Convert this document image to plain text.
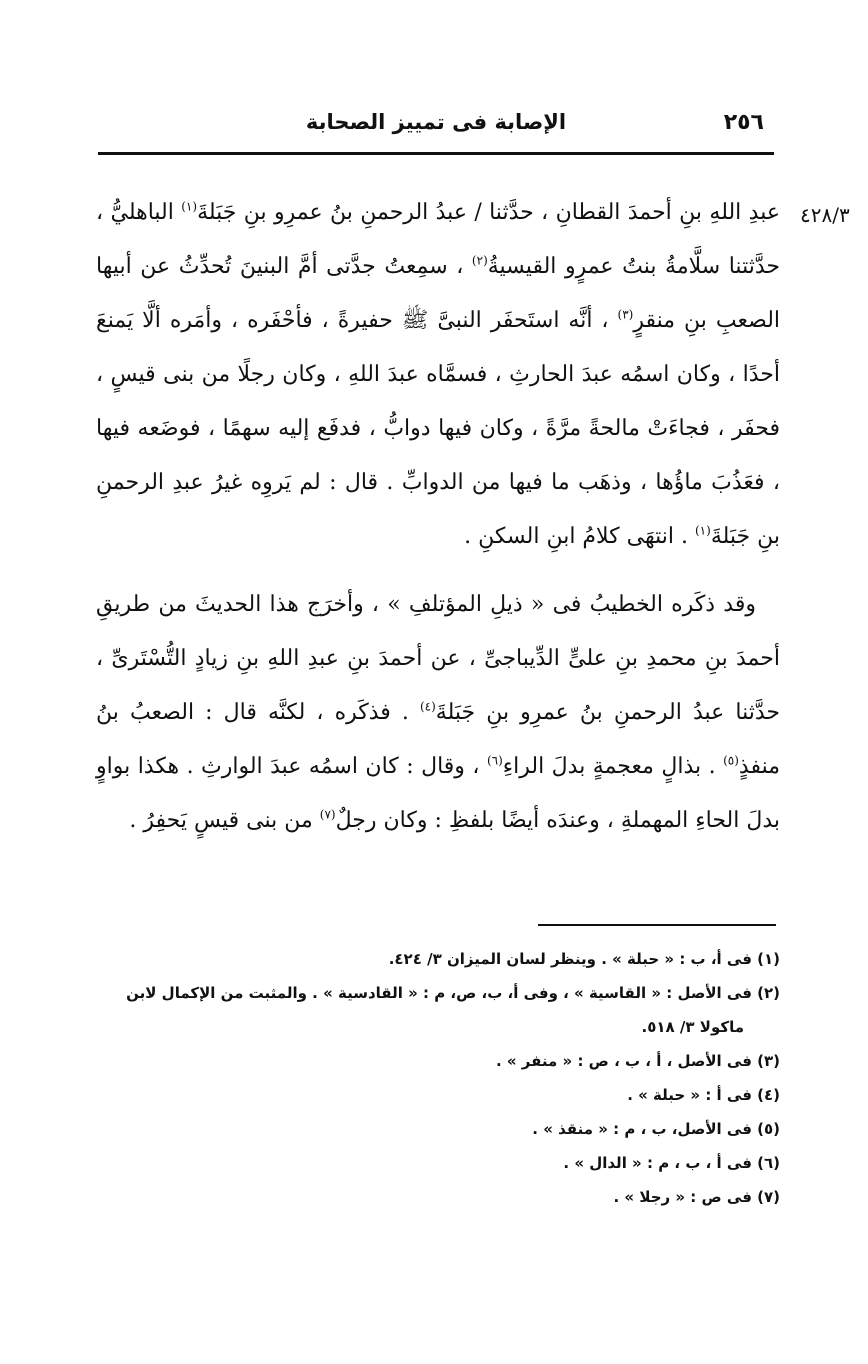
الإصابة فى تمييز الصحابة	٢٥٦
٤٢٨/٣

عبدِ اللهِ بنِ أحمدَ القطانِ ، حدَّثنا / عبدُ الرحمنِ بنُ عمرِو بنِ جَبَلةَ$^{(١)}$ الباهليُّ ، حدَّثتنا سلَّامةُ بنتُ عمرٍو القيسيةُ$^{(٢)}$ ، سمِعتُ جدَّتى أمَّ البنينَ تُحدِّثُ عن أبيها الصعبِ بنِ منقرٍ$^{(٣)}$ ، أنَّه استَحفَر النبىَّ ﷺ حفيرةً ، فأحْفَره ، وأمَره ألَّا يَمنعَ أحدًا ، وكان اسمُه عبدَ الحارثِ ، فسمَّاه عبدَ اللهِ ، وكان رجلًا من بنى قيسٍ ، فحفَر ، فجاءَتْ مالحةً مرَّةً ، وكان فيها دوابُّ ، فدفَع إليه سهمًا ، فوضَعه فيها ، فعَذُبَ ماؤُها ، وذهَب ما فيها من الدوابِّ . قال : لم يَروِه غيرُ عبدِ الرحمنِ بنِ جَبَلةَ$^{(١)}$ . انتهَى كلامُ ابنِ السكنِ .

وقد ذكَره الخطيبُ فى « ذيلِ المؤتلفِ » ، وأخرَج هذا الحديثَ من طريقِ أحمدَ بنِ محمدِ بنِ علىٍّ الدِّيباجىِّ ، عن أحمدَ بنِ عبدِ اللهِ بنِ زيادٍ التُّسْتَرىِّ ، حدَّثنا عبدُ الرحمنِ بنُ عمرِو بنِ جَبَلةَ$^{(٤)}$ . فذكَره ، لكنَّه قال : الصعبُ بنُ منفذٍ$^{(٥)}$ . بذالٍ معجمةٍ بدلَ الراءِ$^{(٦)}$ ، وقال : كان اسمُه عبدَ الوارثِ . هكذا بواوٍ بدلَ الحاءِ المهملةِ ، وعندَه أيضًا بلفظِ : وكان رجلٌ$^{(٧)}$ من بنى قيسٍ يَحفِرُ .

(١) فى أ، ب : « حبلة » . وينظر لسان الميزان ٣/ ٤٢٤.

(٢) فى الأصل : « القاسية » ، وفى أ، ب، ص، م : « القادسية » . والمثبت من الإكمال لابن

ماكولا ٣/ ٥١٨.

(٣) فى الأصل ، أ ، ب ، ص : « منفر » .

(٤) فى أ : « حبلة » .

(٥) فى الأصل، ب ، م : « منقذ » .

(٦) فى أ ، ب ، م : « الدال » .

(٧) فى ص : « رجلا » .
